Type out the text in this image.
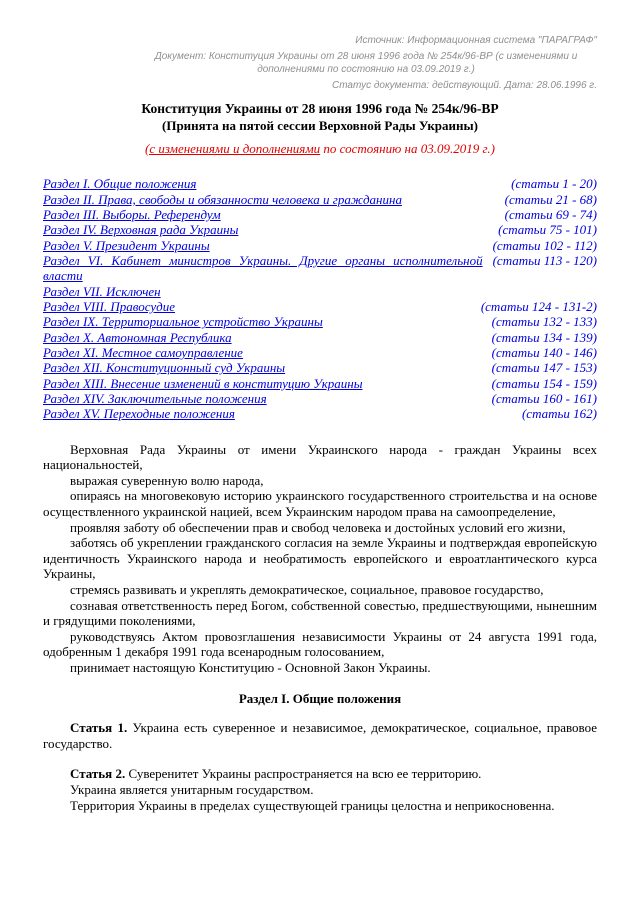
Источник: Информационная система "ПАРАГРАФ"
Документ: Конституция Украины от 28 июня 1996 года № 254к/96-ВР (с изменениями и дополнениями по состоянию на 03.09.2019 г.)
Статус документа: действующий. Дата: 28.06.1996 г.
Конституция Украины от 28 июня 1996 года № 254к/96-ВР
(Принята на пятой сессии Верховной Рады Украины)
(с изменениями и дополнениями по состоянию на 03.09.2019 г.)
(статьи 1 - 20)
Раздел I. Общие положения
(статьи 21 - 68)
Раздел II. Права, свободы и обязанности человека и гражданина
(статьи 69 - 74)
Раздел III. Выборы. Референдум
(статьи 75 - 101)
Раздел IV. Верховная рада Украины
(статьи 102 - 112)
Раздел V. Президент Украины
(статьи 113 - 120)
Раздел VI. Кабинет министров Украины. Другие органы исполнительной власти
Раздел VII. Исключен
(статьи 124 - 131-2)
Раздел VIII. Правосудие
(статьи 132 - 133)
Раздел IX. Территориальное устройство Украины
(статьи 134 - 139)
Раздел X. Автономная Республика
(статьи 140 - 146)
Раздел XI. Местное самоуправление
(статьи 147 - 153)
Раздел XII. Конституционный суд Украины
(статьи 154 - 159)
Раздел XIII. Внесение изменений в конституцию Украины
(статьи 160 - 161)
Раздел XIV. Заключительные положения
(статьи 162)
Раздел XV. Переходные положения

Верховная Рада Украины от имени Украинского народа - граждан Украины всех национальностей,

выражая суверенную волю народа,

опираясь на многовековую историю украинского государственного строительства и на основе осуществленного украинской нацией, всем Украинским народом права на самоопределение,

проявляя заботу об обеспечении прав и свобод человека и достойных условий его жизни,

заботясь об укреплении гражданского согласия на земле Украины и подтверждая европейскую идентичность Украинского народа и необратимость европейского и евроатлантического курса Украины,

стремясь развивать и укреплять демократическое, социальное, правовое государство,

сознавая ответственность перед Богом, собственной совестью, предшествующими, нынешним и грядущими поколениями,

руководствуясь Актом провозглашения независимости Украины от 24 августа 1991 года, одобренным 1 декабря 1991 года всенародным голосованием,

принимает настоящую Конституцию - Основной Закон Украины.

Раздел I. Общие положения

Статья 1. Украина есть суверенное и независимое, демократическое, социальное, правовое государство.

Статья 2. Суверенитет Украины распространяется на всю ее территорию.

Украина является унитарным государством.

Территория Украины в пределах существующей границы целостна и неприкосновенна.
